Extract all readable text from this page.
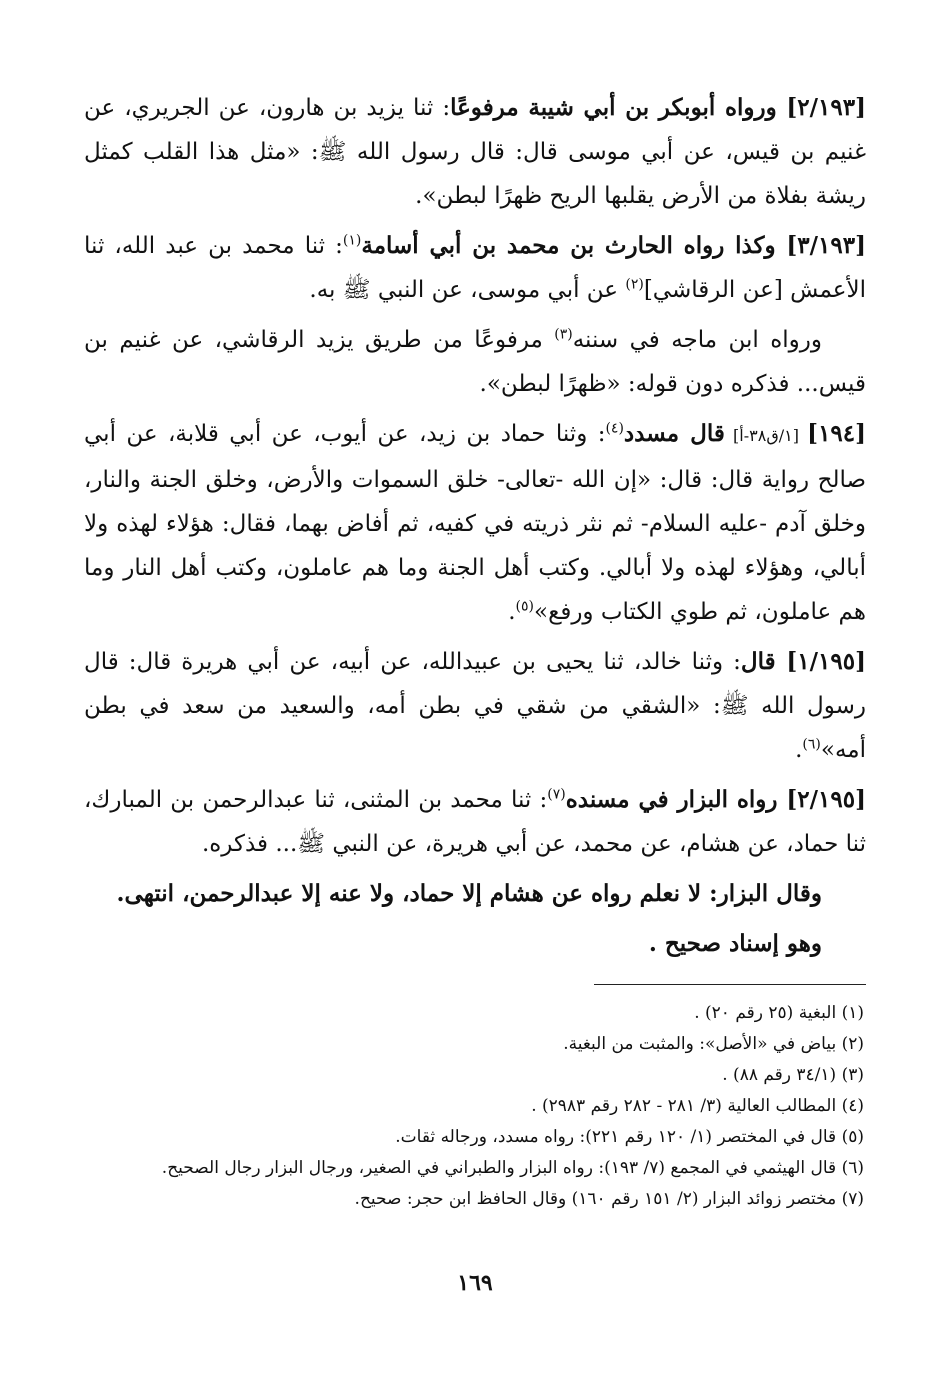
[٢/١٩٣] ورواه أبوبكر بن أبي شيبة مرفوعًا: ثنا يزيد بن هارون، عن الجريري، عن غنيم بن قيس، عن أبي موسى قال: قال رسول الله ﷺ: «مثل هذا القلب كمثل ريشة بفلاة من الأرض يقلبها الريح ظهرًا لبطن».

[٣/١٩٣] وكذا رواه الحارث بن محمد بن أبي أسامة$^{(١)}$: ثنا محمد بن عبد الله، ثنا الأعمش [عن الرقاشي]$^{(٢)}$ عن أبي موسى، عن النبي ﷺ به.

ورواه ابن ماجه في سننه$^{(٣)}$ مرفوعًا من طريق يزيد الرقاشي، عن غنيم بن قيس... فذكره دون قوله: «ظهرًا لبطن».

[١٩٤] [١/ق٣٨-أ] قال مسدد$^{(٤)}$: وثنا حماد بن زيد، عن أيوب، عن أبي قلابة، عن أبي صالح رواية قال: قال: «إن الله -تعالى- خلق السموات والأرض، وخلق الجنة والنار، وخلق آدم -عليه السلام- ثم نثر ذريته في كفيه، ثم أفاض بهما، فقال: هؤلاء لهذه ولا أبالي، وهؤلاء لهذه ولا أبالي. وكتب أهل الجنة وما هم عاملون، وكتب أهل النار وما هم عاملون، ثم طوي الكتاب ورفع»$^{(٥)}$.

[١/١٩٥] قال: وثنا خالد، ثنا يحيى بن عبيدالله، عن أبيه، عن أبي هريرة قال: قال رسول الله ﷺ: «الشقي من شقي في بطن أمه، والسعيد من سعد في بطن أمه»$^{(٦)}$.

[٢/١٩٥] رواه البزار في مسنده$^{(٧)}$: ثنا محمد بن المثنى، ثنا عبدالرحمن بن المبارك، ثنا حماد، عن هشام، عن محمد، عن أبي هريرة، عن النبي ﷺ... فذكره.

وقال البزار: لا نعلم رواه عن هشام إلا حماد، ولا عنه إلا عبدالرحمن، انتهى.

وهو إسناد صحيح .

(١) البغية (٢٥ رقم ٢٠) .
(٢) بياض في «الأصل»: والمثبت من البغية.
(٣) (٣٤/١ رقم ٨٨) .
(٤) المطالب العالية (٣/ ٢٨١ - ٢٨٢ رقم ٢٩٨٣) .
(٥) قال في المختصر (١/ ١٢٠ رقم ٢٢١): رواه مسدد، ورجاله ثقات.
(٦) قال الهيثمي في المجمع (٧/ ١٩٣): رواه البزار والطبراني في الصغير، ورجال البزار رجال الصحيح.
(٧) مختصر زوائد البزار (٢/ ١٥١ رقم ١٦٠) وقال الحافظ ابن حجر: صحيح.
١٦٩
